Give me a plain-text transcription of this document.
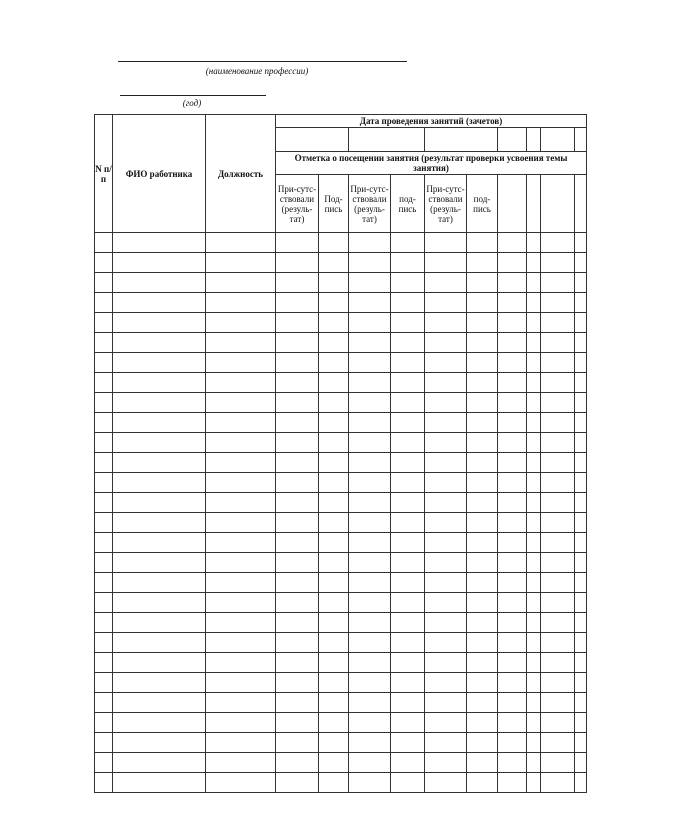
(наименование профессии)
(год)
N п/п	ФИО работника	Должность	Дата проведения занятий (зачетов)									

			Отметка о посещении занятия (результат проверки усвоения темы занятия)									
			При-сутс-ствовали (резуль-тат)	Под-пись	При-сутс-ствовали (резуль-тат)	под-пись	При-сутс-ствовали (резуль-тат)	под-пись				
